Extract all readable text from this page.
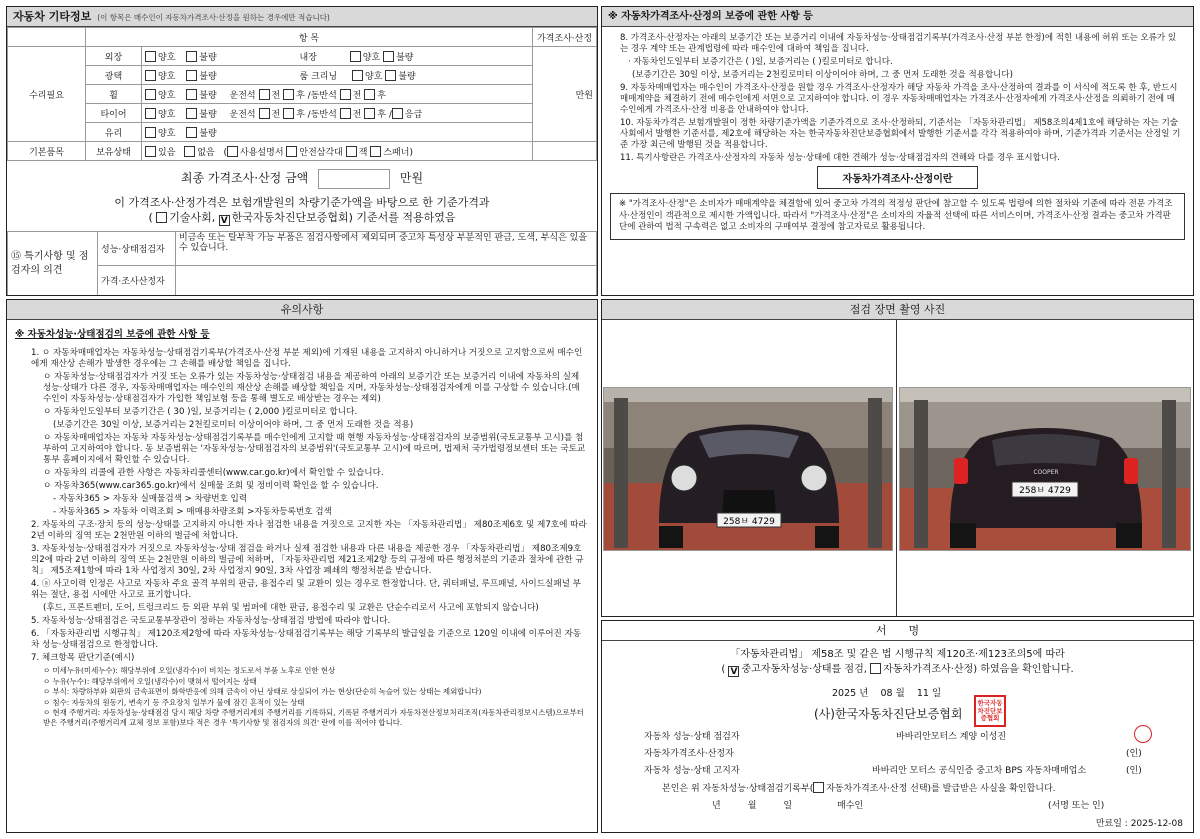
자동차 기타정보 (이 항목은 매수인이 자동차가격조사·산정을 원하는 경우에만 적습니다)
	항 목		가격조사·산정
수리필요	외장	양호 불량 내장 양호 불량	만원
	광택	양호 불량 룸 크리닝 양호 불량	
	휠	양호 불량 운전석 전 후 /동반석 전 후	
	타이어	양호 불량 운전석 전 후 /동반석 전 후 / 응급	
	유리	양호 불량	
기본품목	보유상태	있음 없음 ( 사용설명서 안전삼각대 잭 스패너)	
최종 가격조사·산정 금액	만원
이 가격조사·산정가격은 보험개발원의 차량기준가액을 바탕으로 한 기준가격과
( 기술사회, V 한국자동차진단보증협회) 기준서를 적용하였음
⑮ 특기사항 및 점검자의 의견	성능·상태점검자	비금속 또는 탈부착 가능 부품은 점검사항에서 제외되며 중고차 특성상 부분적인 판금, 도색, 부식은 있을 수 있습니다.
	가격·조사산정자	
※ 자동차가격조사·산정의 보증에 관한 사항 등

8. 가격조사·산정자는 아래의 보증기간 또는 보증거리 이내에 자동차성능·상태점검기록부(가격조사·산정 부분 한정)에 적힌 내용에 허위 또는 오류가 있는 경우 계약 또는 관계법령에 따라 매수인에 대하여 책임을 집니다.

· 자동차인도일부터 보증기간은 ( )일, 보증거리는 ( )킬로미터로 합니다.

(보증기간은 30일 이상, 보증거리는 2천킬로미터 이상이어야 하며, 그 중 먼저 도래한 것을 적용합니다)

9. 자동차매매업자는 매수인이 가격조사·산정을 원할 경우 가격조사·산정자가 해당 자동차 가격을 조사·산정하여 결과를 이 서식에 적도록 한 후, 반드시 매매계약을 체결하기 전에 매수인에게 서면으로 고지하여야 합니다. 이 경우 자동차매매업자는 가격조사·산정자에게 가격조사·산정을 의뢰하기 전에 매수인에게 가격조사·산정 비용을 안내하여야 합니다.

10. 자동차가격은 보험개발원이 정한 차량기준가액을 기준가격으로 조사·산정하되, 기준서는 「자동차관리법」 제58조의4제1호에 해당하는 자는 기술사회에서 발행한 기준서를, 제2호에 해당하는 자는 한국자동차진단보증협회에서 발행한 기준서를 각각 적용하여야 하며, 기준가격과 기준서는 산정일 기준 가장 최근에 발행된 것을 적용합니다.

11. 특기사항란은 가격조사·산정자의 자동차 성능·상태에 대한 견해가 성능·상태점검자의 견해와 다를 경우 표시합니다.

자동차가격조사·산정이란
※ "가격조사·산정"은 소비자가 매매계약을 체결함에 있어 중고차 가격의 적정성 판단에 참고할 수 있도록 법령에 의한 절차와 기준에 따라 전문 가격조사·산정인이 객관적으로 제시한 가액입니다. 따라서 "가격조사·산정"은 소비자의 자율적 선택에 따른 서비스이며, 가격조사·산정 결과는 중고차 가격판단에 관하여 법적 구속력은 없고 소비자의 구매여부 결정에 참고자료로 활용됩니다.
유의사항
※ 자동차성능·상태점검의 보증에 관한 사항 등

1. ㅇ 자동차매매업자는 자동차성능·상태점검기록부(가격조사·산정 부분 제외)에 기재된 내용을 고지하지 아니하거나 거짓으로 고지함으로써 매수인에게 재산상 손해가 발생한 경우에는 그 손해를 배상할 책임을 집니다.

ㅇ 자동차성능·상태점검자가 거짓 또는 오류가 있는 자동차성능·상태점검 내용을 제공하여 아래의 보증기간 또는 보증거리 이내에 자동차의 실제 성능·상태가 다른 경우, 자동차매매업자는 매수인의 재산상 손해를 배상할 책임을 지며, 자동차성능·상태점검자에게 이를 구상할 수 있습니다.(매수인이 자동차성능·상태점검자가 가입한 책임보험 등을 통해 별도로 배상받는 경우는 제외)

ㅇ 자동차인도일부터 보증기간은 ( 30 )일, 보증거리는 ( 2,000 )킬로미터로 합니다.

(보증기간은 30일 이상, 보증거리는 2천킬로미터 이상이어야 하며, 그 중 먼저 도래한 것을 적용)

ㅇ 자동차매매업자는 자동차 자동차성능·상태점검기록부를 매수인에게 고지할 때 현행 자동차성능·상태점검자의 보증범위(국토교통부 고시)를 첨부하여 고지하여야 합니다. 동 보증범위는 '자동차성능·상태점검자의 보증범위'(국토교통부 고시)에 따르며, 법제처 국가법령정보센터 또는 국토교통부 홈페이지에서 확인할 수 있습니다.

ㅇ 자동차의 리콜에 관한 사항은 자동차리콜센터(www.car.go.kr)에서 확인할 수 있습니다.

ㅇ 자동차365(www.car365.go.kr)에서 실매물 조회 및 정비이력 확인을 할 수 있습니다.

- 자동차365 > 자동차 실매물검색 > 차량번호 입력

- 자동차365 > 자동차 이력조회 > 매매용차량조회 >자동차등록번호 검색

2. 자동차의 구조·장치 등의 성능·상태를 고지하지 아니한 자나 점검한 내용을 거짓으로 고지한 자는 「자동차관리법」 제80조제6호 및 제7호에 따라 2년 이하의 징역 또는 2천만원 이하의 벌금에 처합니다.

3. 자동차성능·상태점검자가 거짓으로 자동차성능·상태 점검을 하거나 실제 점검한 내용과 다른 내용을 제공한 경우 「자동차관리법」 제80조제9호의2에 따라 2년 이하의 징역 또는 2천만원 이하의 벌금에 처하며, 「자동차관리법 제21조제2항 등의 규정에 따른 행정처분의 기준과 절차에 관한 규칙」 제5조제1항에 따라 1차 사업정지 30일, 2차 사업정지 90일, 3차 사업장 폐쇄의 행정처분을 받습니다.

4. ⓐ 사고이력 인정은 사고로 자동차 주요 골격 부위의 판금, 용접수리 및 교환이 있는 경우로 한정합니다. 단, 쿼터패널, 루프패널, 사이드실패널 부위는 절단, 용접 시에만 사고로 표기합니다.

(후드, 프론트펜더, 도어, 트렁크리드 등 외판 부위 및 범퍼에 대한 판금, 용접수리 및 교환은 단순수리로서 사고에 포함되지 않습니다)

5. 자동차성능·상태점검은 국토교통부장관이 정하는 자동차성능·상태점검 방법에 따라야 합니다.

6. 「자동차관리법 시행규칙」 제120조제2항에 따라 자동차성능·상태점검기록부는 해당 기록부의 발급일을 기준으로 120일 이내에 이루어진 자동차 성능·상태점검으로 한정합니다.

7. 체크항목 판단기준(예시)

ㅇ 미세누유(미세누수): 해당부위에 오일(냉각수)이 비치는 정도로서 부품 노후로 인한 현상

ㅇ 누유(누수): 해당부위에서 오일(냉각수)이 맺혀서 떨어지는 상태

ㅇ 부식: 차량하부와 외판의 금속표면이 화학반응에 의해 금속이 아닌 상태로 상실되어 가는 현상(단순히 녹슬어 있는 상태는 제외합니다)

ㅇ 침수: 자동차의 원동기, 변속기 등 주요장치 일부가 물에 잠긴 흔적이 있는 상태

ㅇ 현재 주행거리: 자동차성능·상태점검 당시 해당 차량 주행거리계의 주행거리를 기록하되, 기록된 주행거리가 자동차전산정보처리조직(자동차관리정보시스템)으로부터 받은 주행거리(주행거리계 교체 정보 포함)보다 적은 경우 '특기사항 및 점검자의 의견' 란에 이를 적어야 합니다.

점검 장면 촬영 사진
258ㅂ 4729
COOPER
258ㅂ 4729
서　　명
「자동차관리법」 제58조 및 같은 법 시행규칙 제120조·제123조의5에 따라
( V 중고자동차성능·상태를 점검, 자동차가격조사·산정) 하였음을 확인합니다.
2025 년 08 월 11 일
(사)한국자동차진단보증협회
한국자동차진단보증협회
자동차 성능·상태 점검자	바바리안모터스 계양 이성진
자동차가격조사·산정자	(인)
자동차 성능·상태 고지자	바바리안 모터스 공식인증 중고차 BPS 자동차매매업소	(인)
본인은 위 자동차성능·상태점검기록부( 자동차가격조사·산정 선택)를 발급받은 사실을 확인합니다.
년　　　월　　　일　　　　　매수인	(서명 또는 인)
만료일 : 2025-12-08
